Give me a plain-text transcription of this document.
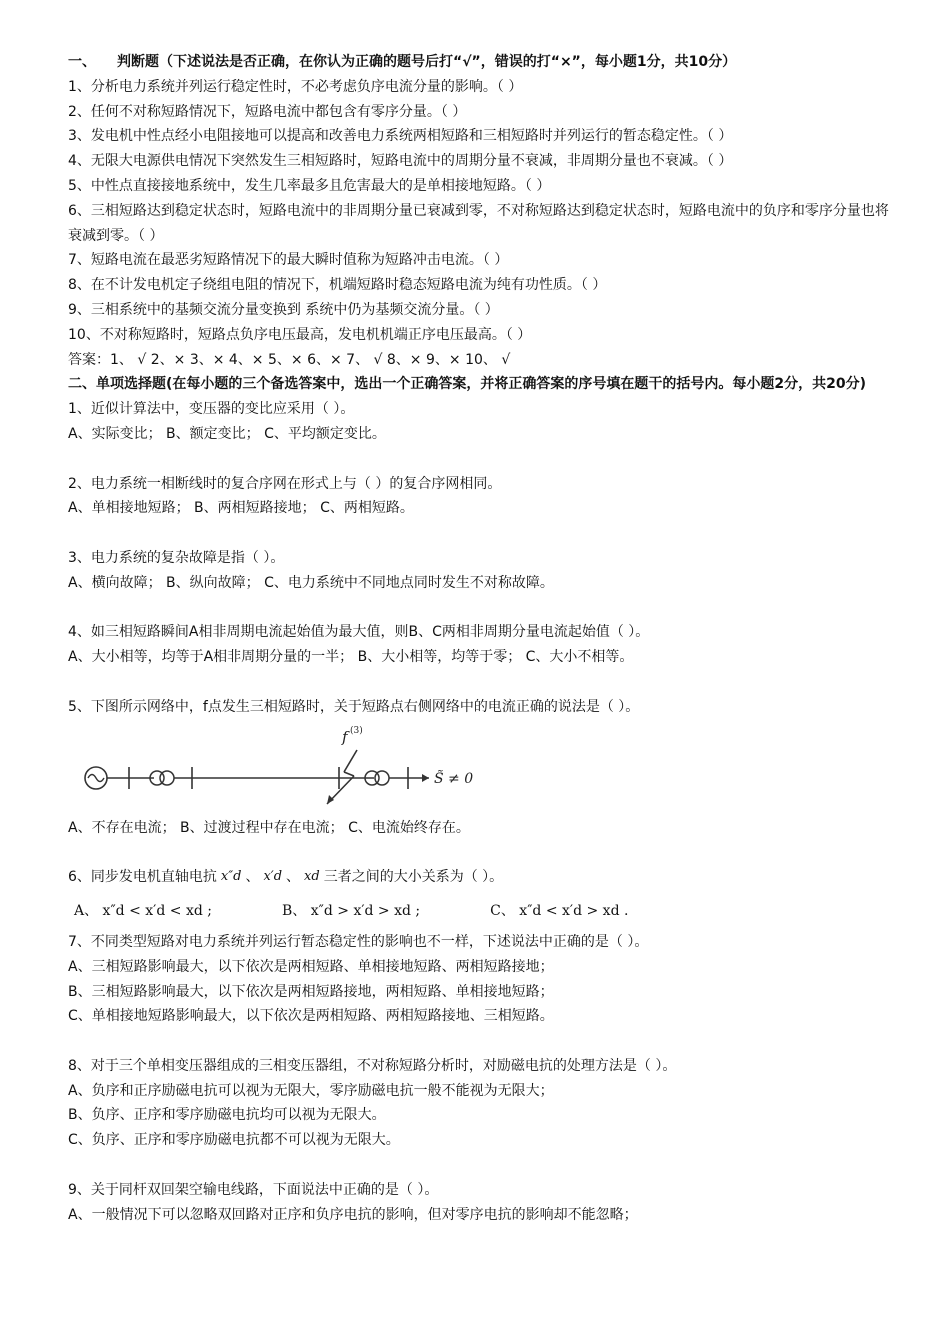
一、　　判断题（下述说法是否正确，在你认为正确的题号后打“√”，错误的打“×”，每小题1分，共10分）
1、分析电力系统并列运行稳定性时，不必考虑负序电流分量的影响。（ ）
2、任何不对称短路情况下，短路电流中都包含有零序分量。（ ）
3、发电机中性点经小电阻接地可以提高和改善电力系统两相短路和三相短路时并列运行的暂态稳定性。（ ）
4、无限大电源供电情况下突然发生三相短路时，短路电流中的周期分量不衰减，非周期分量也不衰减。（ ）
5、中性点直接接地系统中，发生几率最多且危害最大的是单相接地短路。（ ）
6、三相短路达到稳定状态时，短路电流中的非周期分量已衰减到零，不对称短路达到稳定状态时，短路电流中的负序和零序分量也将衰减到零。（ ）
7、短路电流在最恶劣短路情况下的最大瞬时值称为短路冲击电流。（ ）
8、在不计发电机定子绕组电阻的情况下，机端短路时稳态短路电流为纯有功性质。（ ）
9、三相系统中的基频交流分量变换到 系统中仍为基频交流分量。（ ）
10、不对称短路时，短路点负序电压最高，发电机机端正序电压最高。（ ）
答案：1、 √ 2、× 3、× 4、× 5、× 6、× 7、 √ 8、× 9、× 10、 √
二、单项选择题(在每小题的三个备选答案中，选出一个正确答案，并将正确答案的序号填在题干的括号内。每小题2分，共20分)
1、近似计算法中，变压器的变比应采用（ ）。
A、实际变比； B、额定变比； C、平均额定变比。
2、电力系统一相断线时的复合序网在形式上与（ ）的复合序网相同。
A、单相接地短路； B、两相短路接地； C、两相短路。
3、电力系统的复杂故障是指（ ）。
A、横向故障； B、纵向故障； C、电力系统中不同地点同时发生不对称故障。
4、如三相短路瞬间A相非周期电流起始值为最大值，则B、C两相非周期分量电流起始值（ ）。
A、大小相等，均等于A相非周期分量的一半； B、大小相等，均等于零； C、大小不相等。
5、下图所示网络中，f点发生三相短路时，关于短路点右侧网络中的电流正确的说法是（ ）。
f (3)
S̃ ≠ 0
A、不存在电流； B、过渡过程中存在电流； C、电流始终存在。
6、同步发电机直轴电抗 x″d 、 x′d 、 xd 三者之间的大小关系为（ ）。
A、 x″d < x′d < xd ;	B、 x″d > x′d > xd ;	C、 x″d < x′d > xd .
7、不同类型短路对电力系统并列运行暂态稳定性的影响也不一样，下述说法中正确的是（ ）。
A、三相短路影响最大，以下依次是两相短路、单相接地短路、两相短路接地；
B、三相短路影响最大，以下依次是两相短路接地，两相短路、单相接地短路；
C、单相接地短路影响最大，以下依次是两相短路、两相短路接地、三相短路。
8、对于三个单相变压器组成的三相变压器组，不对称短路分析时，对励磁电抗的处理方法是（ ）。
A、负序和正序励磁电抗可以视为无限大，零序励磁电抗一般不能视为无限大；
B、负序、正序和零序励磁电抗均可以视为无限大。
C、负序、正序和零序励磁电抗都不可以视为无限大。
9、关于同杆双回架空输电线路，下面说法中正确的是（ ）。
A、一般情况下可以忽略双回路对正序和负序电抗的影响，但对零序电抗的影响却不能忽略；
